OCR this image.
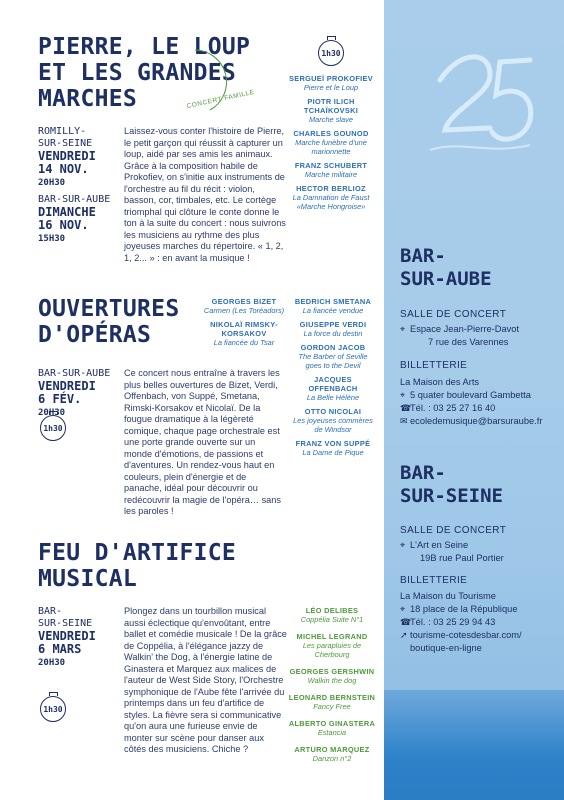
BAR-
SUR-AUBE
SALLE DE CONCERT
⌖ Espace Jean-Pierre-Davot
7 rue des Varennes
BILLETTERIE
La Maison des Arts
⌖ 5 quater boulevard Gambetta
☎Tél. : 03 25 27 16 40
✉ ecoledemusique@barsuraube.fr
BAR-
SUR-SEINE
SALLE DE CONCERT
⌖ L'Art en Seine
19B rue Paul Portier
BILLETTERIE
La Maison du Tourisme
⌖ 18 place de la République
☎Tél. : 03 25 29 94 43
➚ tourisme-cotesdesbar.com/
boutique-en-ligne
PIERRE, LE LOUP
ET LES GRANDES
MARCHES	CONCERT FAMILLE
1h30
ROMILLY-
SUR-SEINE
VENDREDI
14 NOV.
20H30
BAR-SUR-AUBE
DIMANCHE
16 NOV.
15H30
Laissez-vous conter l'histoire de Pierre, le petit garçon qui réussit à capturer un loup, aidé par ses amis les animaux. Grâce à la composition habile de Prokofiev, on s'initie aux instruments de l'orchestre au fil du récit : violon, basson, cor, timbales, etc. Le cortège triomphal qui clôture le conte donne le ton à la suite du concert : nous suivrons les musiciens au rythme des plus joyeuses marches du répertoire. « 1, 2, 1, 2... » : en avant la musique !
SERGUEÏ PROKOFIEV
Pierre et le Loup
PIOTR ILICH TCHAÏKOVSKI
Marche slave
CHARLES GOUNOD
Marche funèbre d'une marionnette
FRANZ SCHUBERT
Marche militaire
HECTOR BERLIOZ
La Damnation de Faust «Marche Hongroise»
OUVERTURES
D'OPÉRAS
BAR-SUR-AUBE
VENDREDI
6 FÉV.
20H30
1h30
Ce concert nous entraîne à travers les plus belles ouvertures de Bizet, Verdi, Offenbach, von Suppé, Smetana, Rimski-Korsakov et Nicolaï. De la fougue dramatique à la légèreté comique, chaque page orchestrale est une porte grande ouverte sur un monde d'émotions, de passions et d'aventures. Un rendez-vous haut en couleurs, plein d'énergie et de panache, idéal pour découvrir ou redécouvrir la magie de l'opéra… sans les paroles !
GEORGES BIZET
Carmen (Les Toréadors)
NIKOLAÏ RIMSKY-KORSAKOV
La fiancée du Tsar
BEDRICH SMETANA
La fiancée vendue
GIUSEPPE VERDI
La force du destin
GORDON JACOB
The Barber of Seville goes to the Devil
JACQUES OFFENBACH
La Belle Hélène
OTTO NICOLAI
Les joyeuses commères de Windsor
FRANZ VON SUPPÉ
La Dame de Pique
FEU D'ARTIFICE
MUSICAL
BAR-
SUR-SEINE
VENDREDI
6 MARS
20H30
1h30
Plongez dans un tourbillon musical aussi éclectique qu'envoûtant, entre ballet et comédie musicale ! De la grâce de Coppélia, à l'élégance jazzy de Walkin' the Dog, à l'énergie latine de Ginastera et Marquez aux malices de l'auteur de West Side Story, l'Orchestre symphonique de l'Aube fête l'arrivée du printemps dans un feu d'artifice de styles. La fièvre sera si communicative qu'on aura une furieuse envie de monter sur scène pour danser aux côtés des musiciens. Chiche ?
LÉO DELIBES
Coppélia Suite N°1
MICHEL LEGRAND
Les parapluies de Cherbourg
GEORGES GERSHWIN
Walkin the dog
LEONARD BERNSTEIN
Fancy Free
ALBERTO GINASTERA
Estancia
ARTURO MARQUEZ
Danzon n°2
